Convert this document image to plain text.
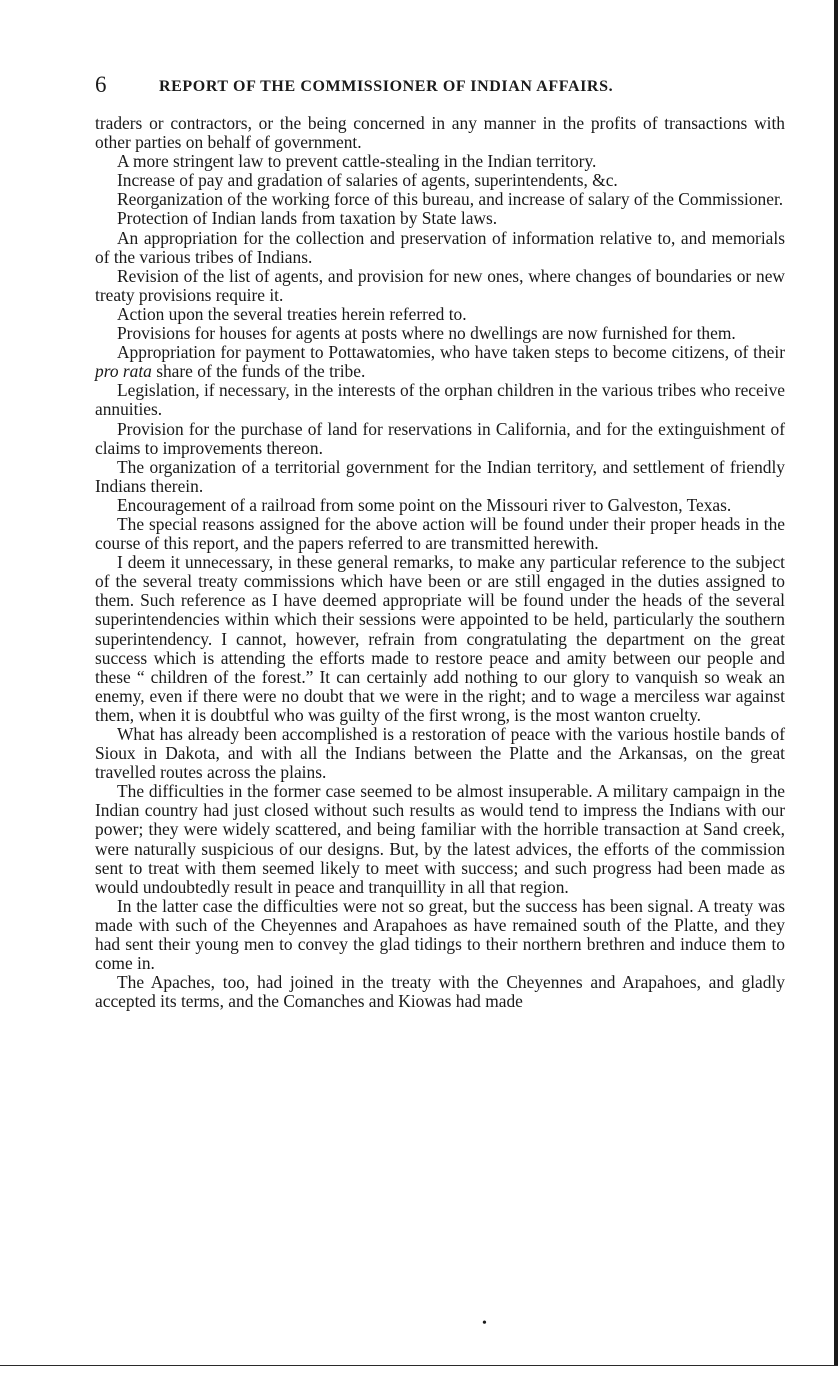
6	REPORT OF THE COMMISSIONER OF INDIAN AFFAIRS.

traders or contractors, or the being concerned in any manner in the profits of transactions with other parties on behalf of government.

A more stringent law to prevent cattle-stealing in the Indian territory.

Increase of pay and gradation of salaries of agents, superintendents, &c.

Reorganization of the working force of this bureau, and increase of salary of the Commissioner.

Protection of Indian lands from taxation by State laws.

An appropriation for the collection and preservation of information relative to, and memorials of the various tribes of Indians.

Revision of the list of agents, and provision for new ones, where changes of boundaries or new treaty provisions require it.

Action upon the several treaties herein referred to.

Provisions for houses for agents at posts where no dwellings are now furnished for them.

Appropriation for payment to Pottawatomies, who have taken steps to become citizens, of their pro rata share of the funds of the tribe.

Legislation, if necessary, in the interests of the orphan children in the various tribes who receive annuities.

Provision for the purchase of land for reservations in California, and for the extinguishment of claims to improvements thereon.

The organization of a territorial government for the Indian territory, and settlement of friendly Indians therein.

Encouragement of a railroad from some point on the Missouri river to Galveston, Texas.

The special reasons assigned for the above action will be found under their proper heads in the course of this report, and the papers referred to are transmitted herewith.

I deem it unnecessary, in these general remarks, to make any particular reference to the subject of the several treaty commissions which have been or are still engaged in the duties assigned to them. Such reference as I have deemed appropriate will be found under the heads of the several superintendencies within which their sessions were appointed to be held, particularly the southern superintendency. I cannot, however, refrain from congratulating the department on the great success which is attending the efforts made to restore peace and amity between our people and these “ children of the forest.” It can certainly add nothing to our glory to vanquish so weak an enemy, even if there were no doubt that we were in the right; and to wage a merciless war against them, when it is doubtful who was guilty of the first wrong, is the most wanton cruelty.

What has already been accomplished is a restoration of peace with the various hostile bands of Sioux in Dakota, and with all the Indians between the Platte and the Arkansas, on the great travelled routes across the plains.

The difficulties in the former case seemed to be almost insuperable. A military campaign in the Indian country had just closed without such results as would tend to impress the Indians with our power; they were widely scattered, and being familiar with the horrible transaction at Sand creek, were naturally suspicious of our designs. But, by the latest advices, the efforts of the commission sent to treat with them seemed likely to meet with success; and such progress had been made as would undoubtedly result in peace and tranquillity in all that region.

In the latter case the difficulties were not so great, but the success has been signal. A treaty was made with such of the Cheyennes and Arapahoes as have remained south of the Platte, and they had sent their young men to convey the glad tidings to their northern brethren and induce them to come in.

The Apaches, too, had joined in the treaty with the Cheyennes and Arapahoes, and gladly accepted its terms, and the Comanches and Kiowas had made

•
